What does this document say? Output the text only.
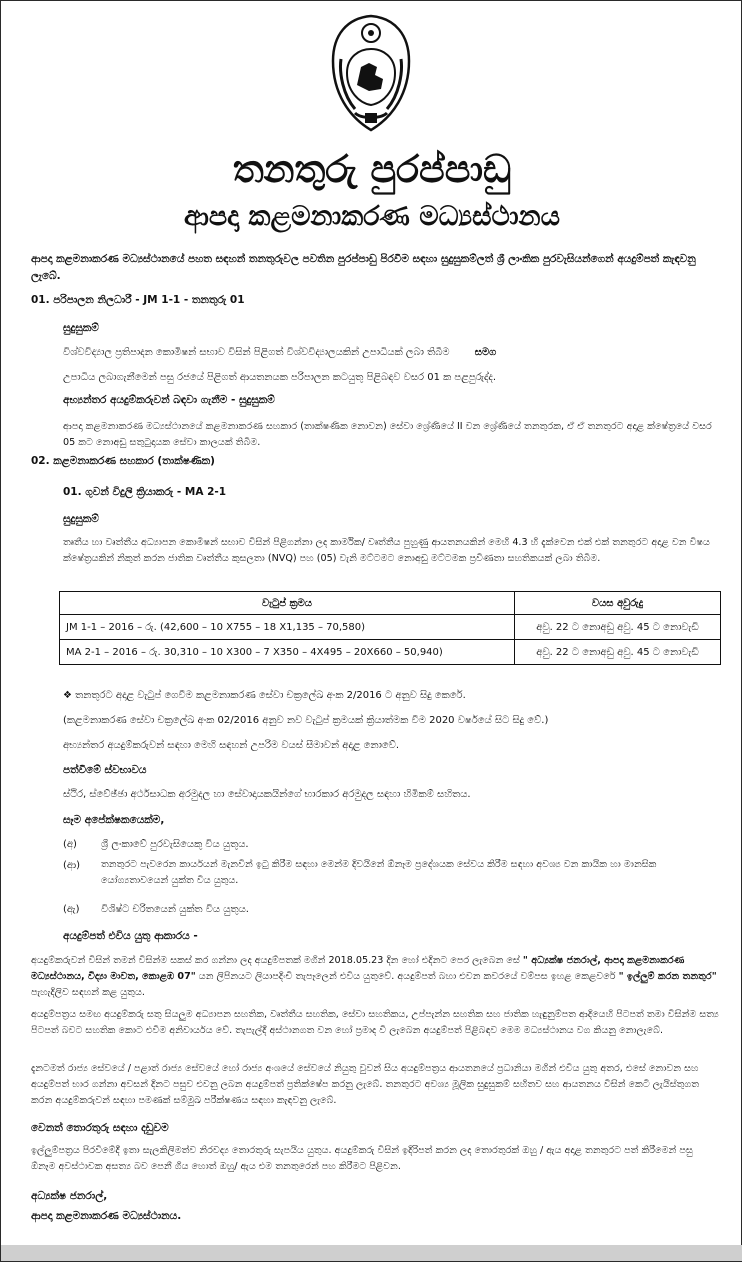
තනතුරු පුරප්පාඩු
ආපදා කළමනාකරණ මධ්‍යස්ථානය
ආපදා කළමනාකරණ මධ්‍යස්ථානයේ පහත සඳහන් තනතුරුවල පවතින පුරප්පාඩු පිරවීම සඳහා සුදුසුකම්ලත් ශ්‍රී ලාංකික පුරවැසියන්ගෙන් අයදුම්පත් කැඳවනු ලැබේ.
01. පරිපාලන නිලධාරී - JM 1-1 - තනතුරු 01
සුදුසුකම්
විශ්වවිද්‍යාල ප්‍රතිපාදන කොමිෂන් සභාව විසින් පිළිගත් විශ්වවිද්‍යාලයකින් උපාධියක් ලබා තිබීම	සමග
උපාධිය ලබාගැනීමෙන් පසු රජයේ පිළිගත් ආයතනයක පරිපාලන කටයුතු පිළිබඳව වසර 01 ක පළපුරුද්ද.
අභ්‍යන්තර අයදුම්කරුවන් බඳවා ගැනීම - සුදුසුකම්
ආපදා කළමනාකරණ මධ්‍යස්ථානයේ කළමනාකරණ සහකාර (තාක්ෂණික නොවන) සේවා ශ්‍රේණියේ II වන ශ්‍රේණියේ තනතුරක, ඒ ඒ තනතුරට අදාළ ක්ෂේත්‍රයේ වසර 05 කට නොඅඩු සතුටුදායක සේවා කාලයක් තිබීම.
02. කළමනාකරණ සහකාර (තාක්ෂණික)
01. ගුවන් විදුලි ක්‍රියාකරු - MA 2-1
සුදුසුකම්
තෘතීය හා වෘත්තීය අධ්‍යාපන කොමිෂන් සභාව විසින් පිළිගන්නා ලද කාර්මික/ වෘත්තීය පුහුණු ආයතනයකින් මෙහි 4.3 හි දැක්වෙන එක් එක් තනතුරට අදාළ වන විෂය ක්ෂේත්‍රයකින් නිකුත් කරන ජාතික වෘත්තීය කුසලතා (NVQ) පහ (05) වැනි මට්ටමට නොඅඩු මට්ටමක ප්‍රවීණතා සහතිකයක් ලබා තිබීම.
වැටුප් ක්‍රමය	වයස අවුරුදු
JM 1-1 – 2016 – රු. (42,600 – 10 X755 – 18 X1,135 – 70,580)	අවු. 22 ට නොඅඩු අවු. 45 ට නොවැඩි
MA 2-1 – 2016 – රු. 30,310 – 10 X300 – 7 X350 – 4X495 – 20X660 – 50,940)	අවු. 22 ට නොඅඩු අවු. 45 ට නොවැඩි
❖ තනතුරට අදාළ වැටුප් ගෙවීම කළමනාකරණ සේවා චක්‍රලේඛ අංක 2/2016 ට අනුව සිදු කෙරේ.
(කළමනාකරණ සේවා චක්‍රලේඛ අංක 02/2016 අනුව නව වැටුප් ක්‍රමයක් ක්‍රියාත්මක වීම 2020 වර්ෂයේ සිට සිදු වේ.)
අභ්‍යන්තර අයදුම්කරුවන් සඳහා මෙහි සඳහන් උපරිම වයස් සීමාවන් අදාළ නොවේ.
පත්වීමේ ස්වභාවය
ස්ථිර, ස්වේඡ්ඡා අර්ථසාධක අරමුදල හා සේවාදායකයින්ගේ භාරකාර අරමුදල සඳහා හිමිකම් සහිතය.
සෑම අපේක්ෂකයෙක්ම,
(අ) ශ්‍රී ලංකාවේ පුරවැසියෙකු විය යුතුය.
(ආ) තනතුරට පැවරෙන කාර්යයන් මැනවින් ඉටු කිරීම සඳහා මෙන්ම දිවයිනේ ඕනෑම ප්‍රදේශයක සේවය කිරීම සඳහා අවශ්‍ය වන කායික හා මානසික යෝග්‍යතාවයෙන් යුක්ත විය යුතුය.
(ඇ) විශිෂ්ට චරිතයෙන් යුක්ත විය යුතුය.
අයදුම්පත් එවිය යුතු ආකාරය -
අයදුම්කරුවන් විසින් තමන් විසින්ම සකස් කර ගන්නා ලද අයදුම්පතක් මගින් 2018.05.23 දින හෝ එදිනට පෙර ලැබෙන සේ " අධ්‍යක්ෂ ජනරාල්, ආපදා කළමනාකරණ මධ්‍යස්ථානය, විද්‍යා මාවත, කොළඹ 07" යන ලිපිනයට ලියාපදිංචි තැපෑලෙන් එවිය යුතුවේ. අයදුම්පත් බහා එවන කවරයේ වම්පස ඉහළ කෙළවරේ " ඉල්ලුම් කරන තනතුර" පැහැදිලිව සඳහන් කළ යුතුය.
අයදුම්පත්‍රය සමඟ අයදුම්කරු සතු සියලුම අධ්‍යාපන සහතික, වෘත්තීය සහතික, සේවා සහතිකය, උප්පැන්න සහතික සහ ජාතික හැඳුනුම්පත ආදියෙහි පිටපත් තමා විසින්ම සත්‍ය පිටපත් බවට සහතික කොට එවීම අනිවාර්යය වේ. තැපැල්දී අස්ථානගත වන හෝ ප්‍රමාද වී ලැබෙන අයදුම්පත් පිළිබඳව මෙම මධ්‍යස්ථානය වග කියනු නොලැබේ.
දැනටමත් රාජ්‍ය සේවයේ / පළාත් රාජ්‍ය සේවයේ හෝ රාජ්‍ය අංශයේ සේවයේ නියුතු වුවන් සිය අයදුම්පත්‍රය ආයතනයේ ප්‍රධානියා මගින් එවිය යුතු අතර, එසේ නොවන සහ අයදුම්පත් භාර ගන්නා අවසන් දිනට පසුව එවනු ලබන අයදුම්පත් ප්‍රතික්ෂේප කරනු ලැබේ. තනතුරට අවශ්‍ය මූලික සුදුසුකම් සහිතව සහ ආයතනය විසින් කෙටි ලැයිස්තුගත කරන අයදුම්කරුවන් සඳහා පමණක් සම්මුඛ පරීක්ෂණය සඳහා කැඳවනු ලැබේ.
වෙනත් තොරතුරු සඳහා දඩුවම
ඉල්ලුම්පත්‍රය පිරවීමේදී ඉතා සැලකිලිමත්ව නිරවද්‍ය තොරතුරු සැපයිය යුතුය. අයදුම්කරු විසින් ඉදිරිපත් කරන ලද තොරතුරක් ඔහු / ඇය අදාළ තනතුරට පත් කිරීමෙන් පසු ඕනෑම අවස්ථාවක අසත්‍ය බව පෙනී ගිය හොත් ඔහු/ ඇය එම තනතුරෙන් පහ කිරීමට පිළිවන.
අධ්‍යක්ෂ ජනරාල්,
ආපදා කළමනාකරණ මධ්‍යස්ථානය.
